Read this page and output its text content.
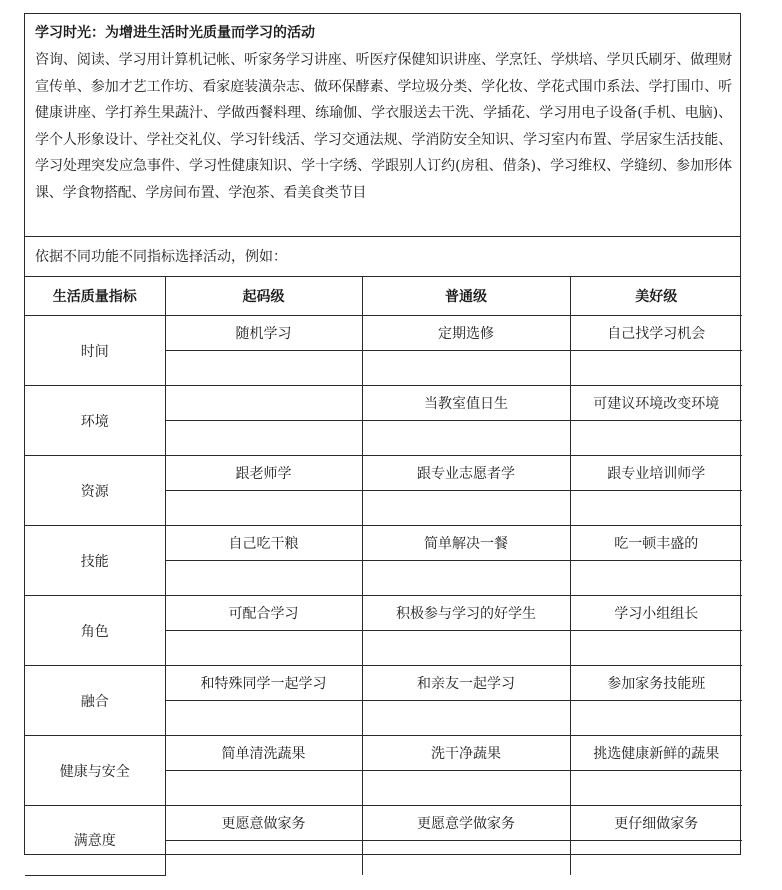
学习时光：为增进生活时光质量而学习的活动

咨询、阅读、学习用计算机记帐、听家务学习讲座、听医疗保健知识讲座、学烹饪、学烘培、学贝氏刷牙、做理财宣传单、参加才艺工作坊、看家庭装潢杂志、做环保酵素、学垃圾分类、学化妆、学花式围巾系法、学打围巾、听健康讲座、学打养生果蔬汁、学做西餐料理、练瑜伽、学衣服送去干洗、学插花、学习用电子设备(手机、电脑)、学个人形象设计、学社交礼仪、学习针线活、学习交通法规、学消防安全知识、学习室内布置、学居家生活技能、学习处理突发应急事件、学习性健康知识、学十字绣、学跟别人订约(房租、借条)、学习维权、学缝纫、参加形体课、学食物搭配、学房间布置、学泡茶、看美食类节目

依据不同功能不同指标选择活动，例如：
生活质量指标	起码级	普通级	美好级
时间	随机学习	定期选修	自己找学习机会

环境		当教室值日生	可建议环境改变环境

资源	跟老师学	跟专业志愿者学	跟专业培训师学

技能	自己吃干粮	简单解决一餐	吃一顿丰盛的

角色	可配合学习	积极参与学习的好学生	学习小组组长

融合	和特殊同学一起学习	和亲友一起学习	参加家务技能班

健康与安全	简单清洗蔬果	洗干净蔬果	挑选健康新鲜的蔬果

满意度	更愿意做家务	更愿意学做家务	更仔细做家务
